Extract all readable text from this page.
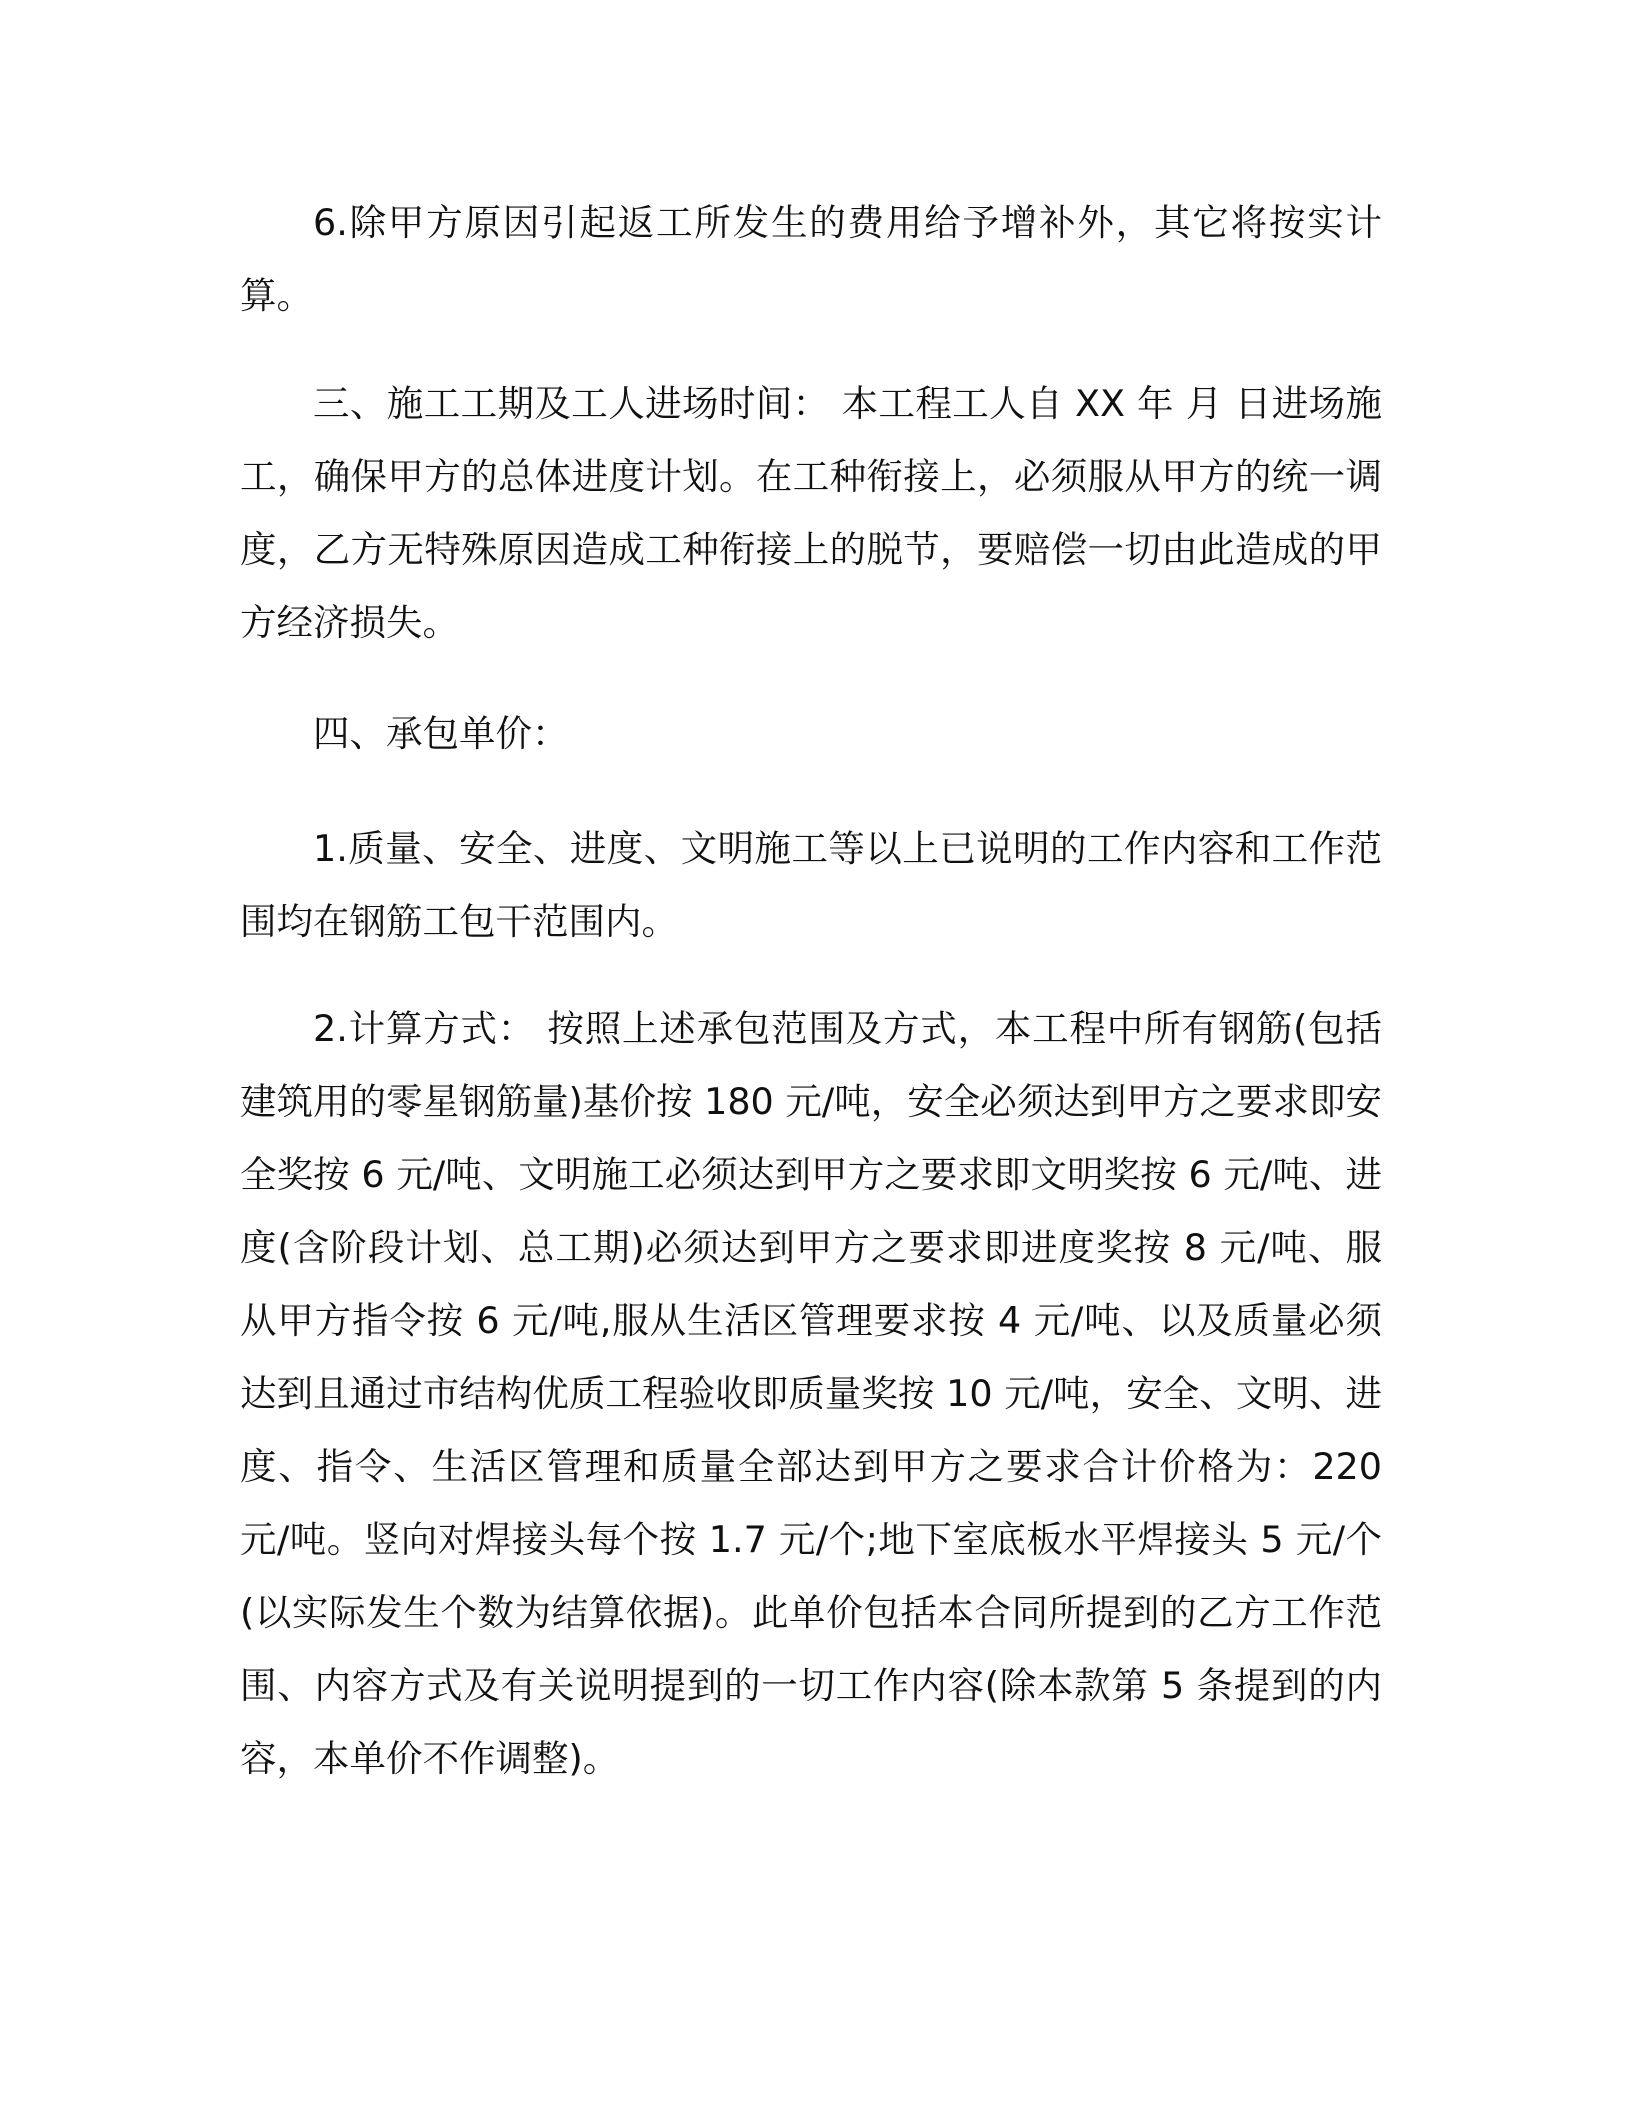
6.除甲方原因引起返工所发生的费用给予增补外，其它将按实计算。

三、施工工期及工人进场时间： 本工程工人自 XX 年 月 日进场施工，确保甲方的总体进度计划。在工种衔接上，必须服从甲方的统一调度，乙方无特殊原因造成工种衔接上的脱节，要赔偿一切由此造成的甲方经济损失。

四、承包单价：

1.质量、安全、进度、文明施工等以上已说明的工作内容和工作范围均在钢筋工包干范围内。

2.计算方式： 按照上述承包范围及方式，本工程中所有钢筋(包括建筑用的零星钢筋量)基价按 180 元/吨，安全必须达到甲方之要求即安全奖按 6 元/吨、文明施工必须达到甲方之要求即文明奖按 6 元/吨、进度(含阶段计划、总工期)必须达到甲方之要求即进度奖按 8 元/吨、服从甲方指令按 6 元/吨,服从生活区管理要求按 4 元/吨、以及质量必须达到且通过市结构优质工程验收即质量奖按 10 元/吨，安全、文明、进度、指令、生活区管理和质量全部达到甲方之要求合计价格为：220 元/吨。竖向对焊接头每个按 1.7 元/个;地下室底板水平焊接头 5 元/个(以实际发生个数为结算依据)。此单价包括本合同所提到的乙方工作范围、内容方式及有关说明提到的一切工作内容(除本款第 5 条提到的内容，本单价不作调整)。
